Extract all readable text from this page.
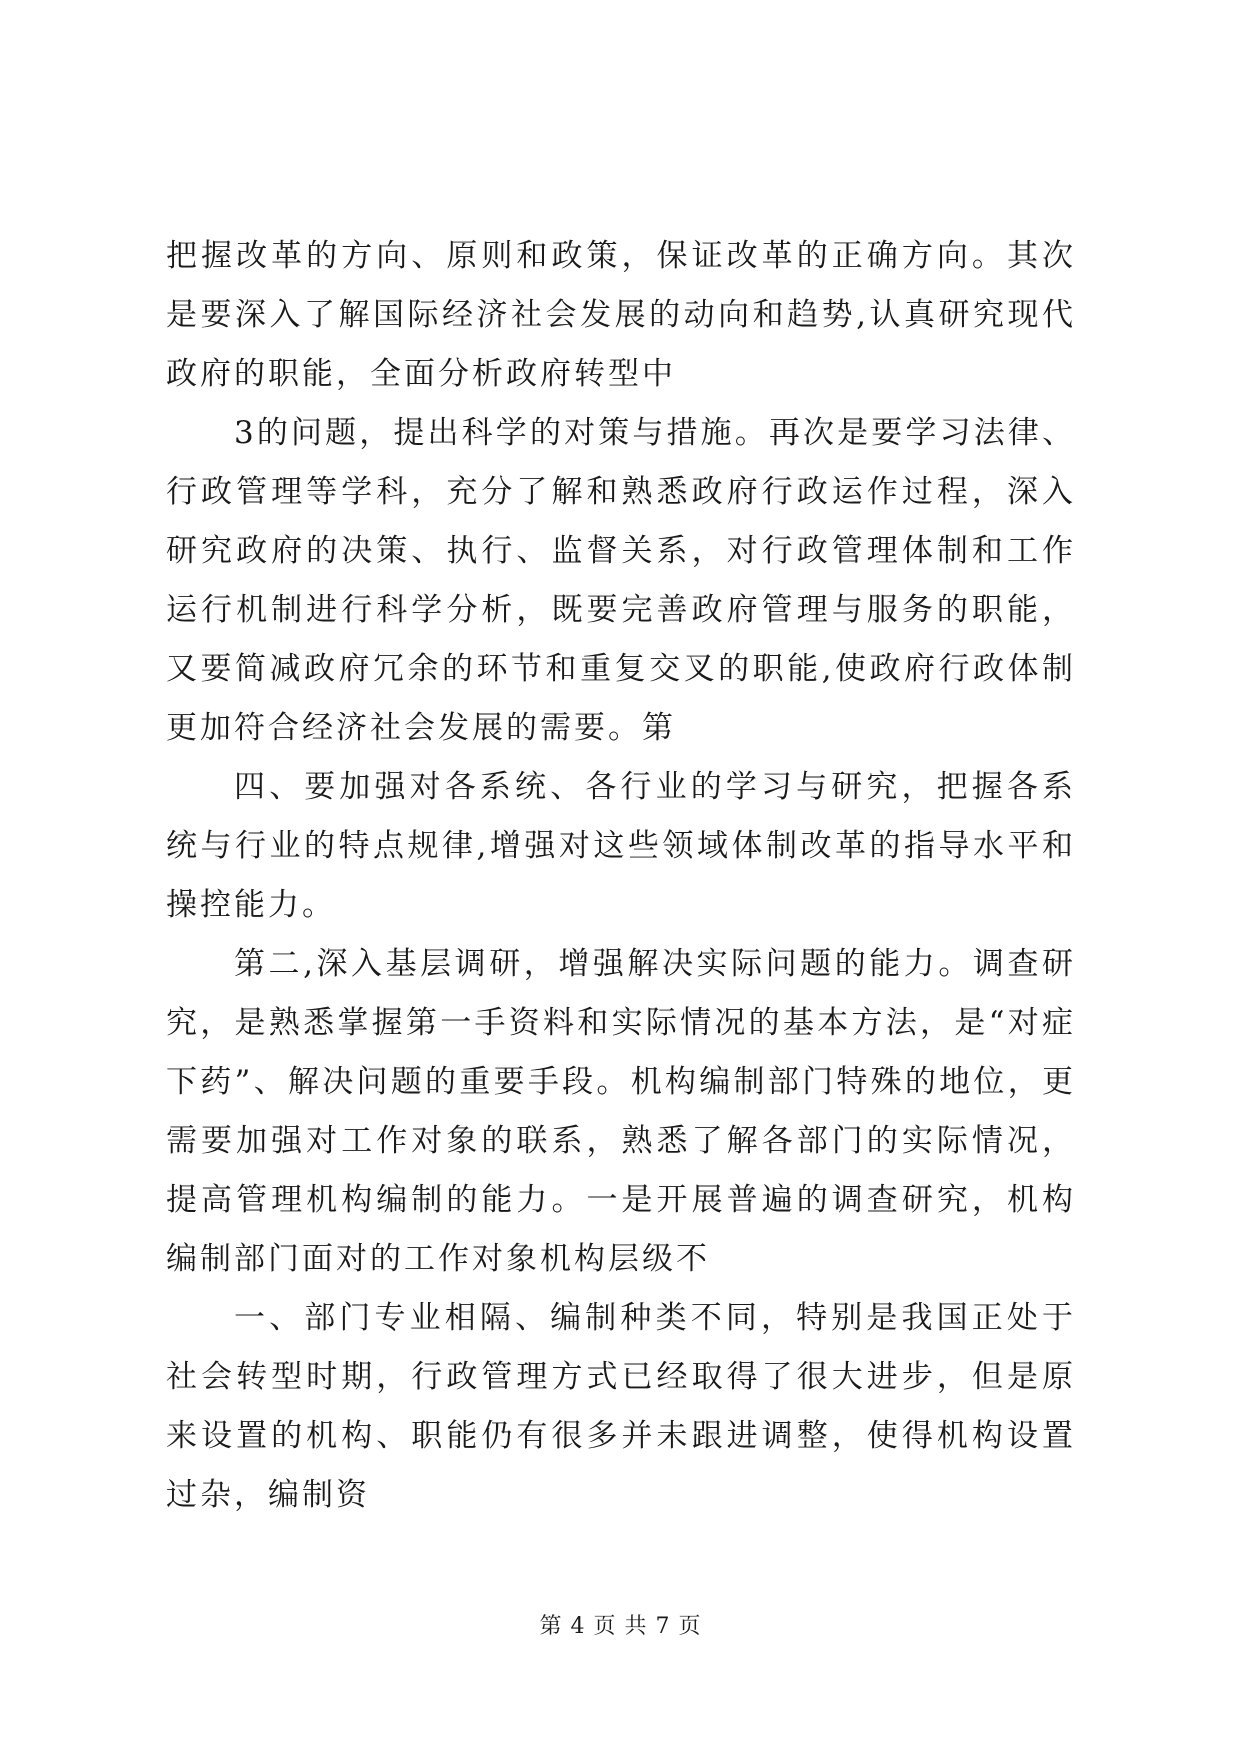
把握改革的方向、原则和政策，保证改革的正确方向。其次是要深入了解国际经济社会发展的动向和趋势,认真研究现代政府的职能，全面分析政府转型中

3的问题，提出科学的对策与措施。再次是要学习法律、行政管理等学科，充分了解和熟悉政府行政运作过程，深入研究政府的决策、执行、监督关系，对行政管理体制和工作运行机制进行科学分析，既要完善政府管理与服务的职能，又要简减政府冗余的环节和重复交叉的职能,使政府行政体制更加符合经济社会发展的需要。第

四、要加强对各系统、各行业的学习与研究，把握各系统与行业的特点规律,增强对这些领域体制改革的指导水平和操控能力。

第二,深入基层调研，增强解决实际问题的能力。调查研究，是熟悉掌握第一手资料和实际情况的基本方法，是“对症下药”、解决问题的重要手段。机构编制部门特殊的地位，更需要加强对工作对象的联系，熟悉了解各部门的实际情况，提高管理机构编制的能力。一是开展普遍的调查研究，机构编制部门面对的工作对象机构层级不

一、部门专业相隔、编制种类不同，特别是我国正处于社会转型时期，行政管理方式已经取得了很大进步，但是原来设置的机构、职能仍有很多并未跟进调整，使得机构设置过杂，编制资

第 4 页 共 7 页
